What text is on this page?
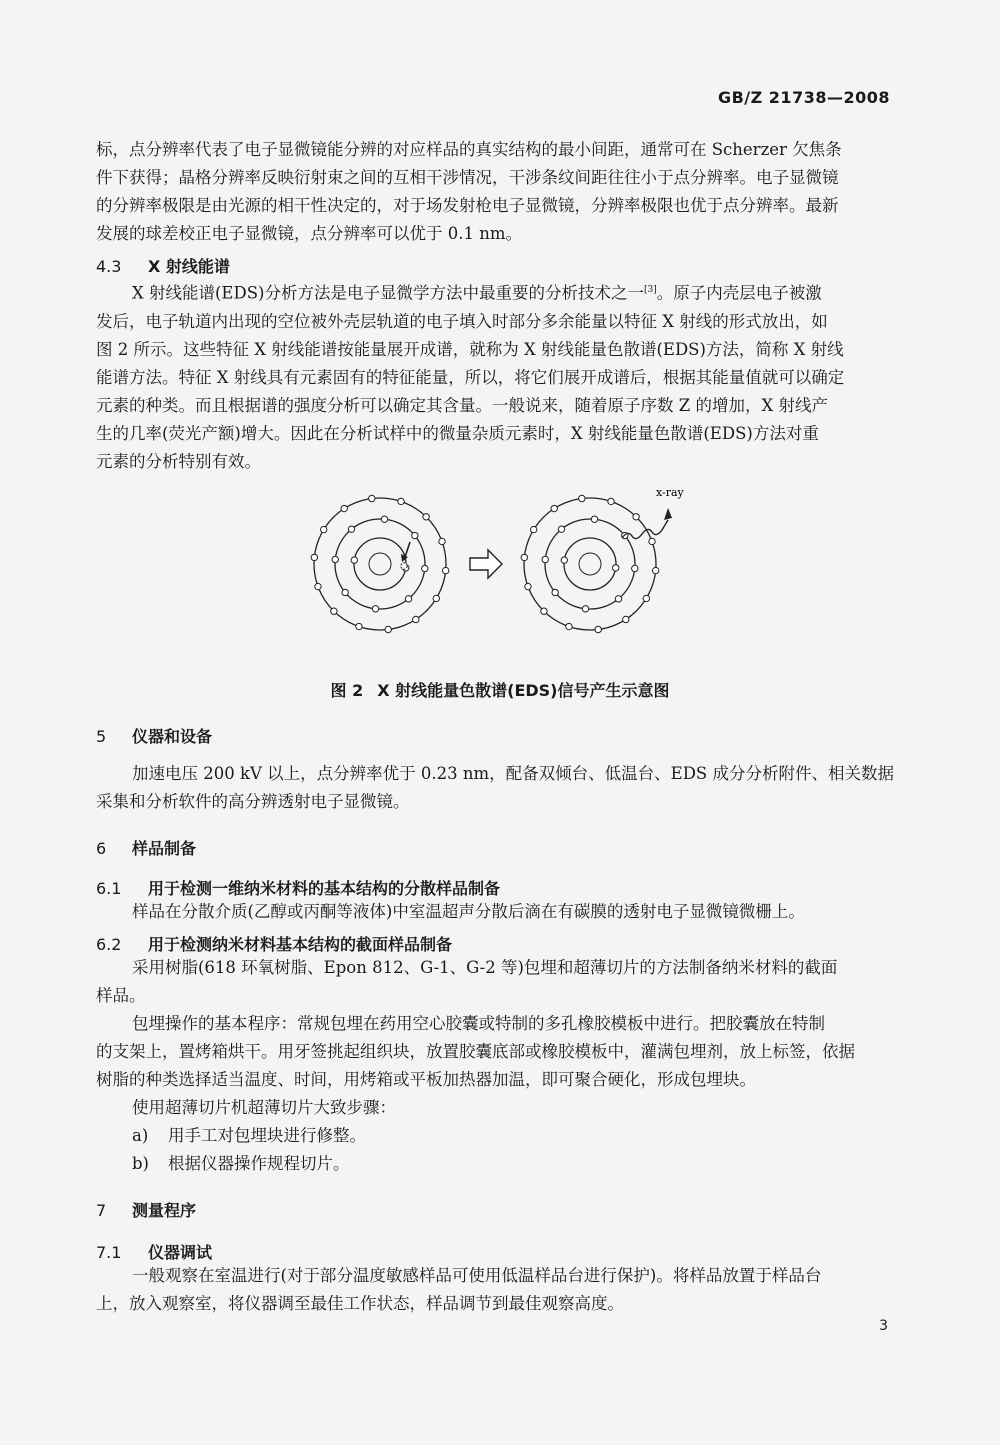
GB/Z 21738—2008
标，点分辨率代表了电子显微镜能分辨的对应样品的真实结构的最小间距，通常可在 Scherzer 欠焦条
件下获得；晶格分辨率反映衍射束之间的互相干涉情况，干涉条纹间距往往小于点分辨率。电子显微镜
的分辨率极限是由光源的相干性决定的，对于场发射枪电子显微镜，分辨率极限也优于点分辨率。最新
发展的球差校正电子显微镜，点分辨率可以优于 0.1 nm。
4.3 X 射线能谱
X 射线能谱(EDS)分析方法是电子显微学方法中最重要的分析技术之一[3]。原子内壳层电子被激
发后，电子轨道内出现的空位被外壳层轨道的电子填入时部分多余能量以特征 X 射线的形式放出，如
图 2 所示。这些特征 X 射线能谱按能量展开成谱，就称为 X 射线能量色散谱(EDS)方法，简称 X 射线
能谱方法。特征 X 射线具有元素固有的特征能量，所以，将它们展开成谱后，根据其能量值就可以确定
元素的种类。而且根据谱的强度分析可以确定其含量。一般说来，随着原子序数 Z 的增加，X 射线产
生的几率(荧光产额)增大。因此在分析试样中的微量杂质元素时，X 射线能量色散谱(EDS)方法对重
元素的分析特别有效。
x-ray
图 2 X 射线能量色散谱(EDS)信号产生示意图
5 仪器和设备
加速电压 200 kV 以上，点分辨率优于 0.23 nm，配备双倾台、低温台、EDS 成分分析附件、相关数据
采集和分析软件的高分辨透射电子显微镜。
6 样品制备
6.1 用于检测一维纳米材料的基本结构的分散样品制备
样品在分散介质(乙醇或丙酮等液体)中室温超声分散后滴在有碳膜的透射电子显微镜微栅上。
6.2 用于检测纳米材料基本结构的截面样品制备
采用树脂(618 环氧树脂、Epon 812、G-1、G-2 等)包埋和超薄切片的方法制备纳米材料的截面
样品。
包埋操作的基本程序：常规包埋在药用空心胶囊或特制的多孔橡胶模板中进行。把胶囊放在特制
的支架上，置烤箱烘干。用牙签挑起组织块，放置胶囊底部或橡胶模板中，灌满包埋剂，放上标签，依据
树脂的种类选择适当温度、时间，用烤箱或平板加热器加温，即可聚合硬化，形成包埋块。
使用超薄切片机超薄切片大致步骤：
a) 用手工对包埋块进行修整。
b) 根据仪器操作规程切片。
7 测量程序
7.1 仪器调试
一般观察在室温进行(对于部分温度敏感样品可使用低温样品台进行保护)。将样品放置于样品台
上，放入观察室，将仪器调至最佳工作状态，样品调节到最佳观察高度。
3
